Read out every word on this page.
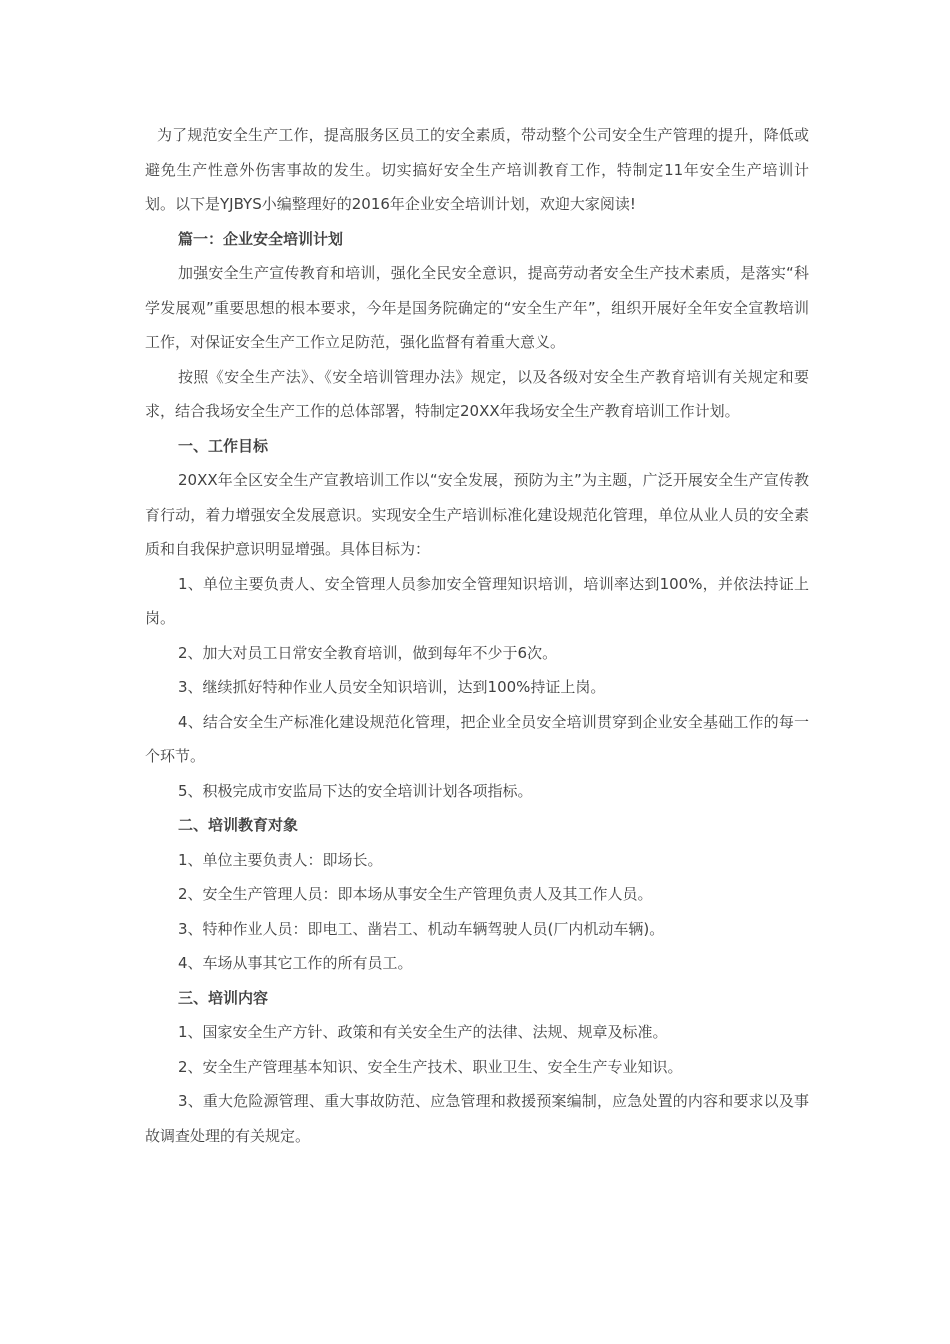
为了规范安全生产工作，提高服务区员工的安全素质，带动整个公司安全生产管理的提升，降低或避免生产性意外伤害事故的发生。切实搞好安全生产培训教育工作，特制定11年安全生产培训计划。以下是YJBYS小编整理好的2016年企业安全培训计划，欢迎大家阅读!

篇一：企业安全培训计划

加强安全生产宣传教育和培训，强化全民安全意识，提高劳动者安全生产技术素质，是落实“科学发展观”重要思想的根本要求，今年是国务院确定的“安全生产年”，组织开展好全年安全宣教培训工作，对保证安全生产工作立足防范，强化监督有着重大意义。

按照《安全生产法》、《安全培训管理办法》规定，以及各级对安全生产教育培训有关规定和要求，结合我场安全生产工作的总体部署，特制定20XX年我场安全生产教育培训工作计划。

一、工作目标

20XX年全区安全生产宣教培训工作以“安全发展，预防为主”为主题，广泛开展安全生产宣传教育行动，着力增强安全发展意识。实现安全生产培训标准化建设规范化管理，单位从业人员的安全素质和自我保护意识明显增强。具体目标为：

1、单位主要负责人、安全管理人员参加安全管理知识培训，培训率达到100%，并依法持证上岗。

2、加大对员工日常安全教育培训，做到每年不少于6次。

3、继续抓好特种作业人员安全知识培训，达到100%持证上岗。

4、结合安全生产标准化建设规范化管理，把企业全员安全培训贯穿到企业安全基础工作的每一个环节。

5、积极完成市安监局下达的安全培训计划各项指标。

二、培训教育对象

1、单位主要负责人：即场长。

2、安全生产管理人员：即本场从事安全生产管理负责人及其工作人员。

3、特种作业人员：即电工、凿岩工、机动车辆驾驶人员(厂内机动车辆)。

4、车场从事其它工作的所有员工。

三、培训内容

1、国家安全生产方针、政策和有关安全生产的法律、法规、规章及标准。

2、安全生产管理基本知识、安全生产技术、职业卫生、安全生产专业知识。

3、重大危险源管理、重大事故防范、应急管理和救援预案编制，应急处置的内容和要求以及事故调查处理的有关规定。
